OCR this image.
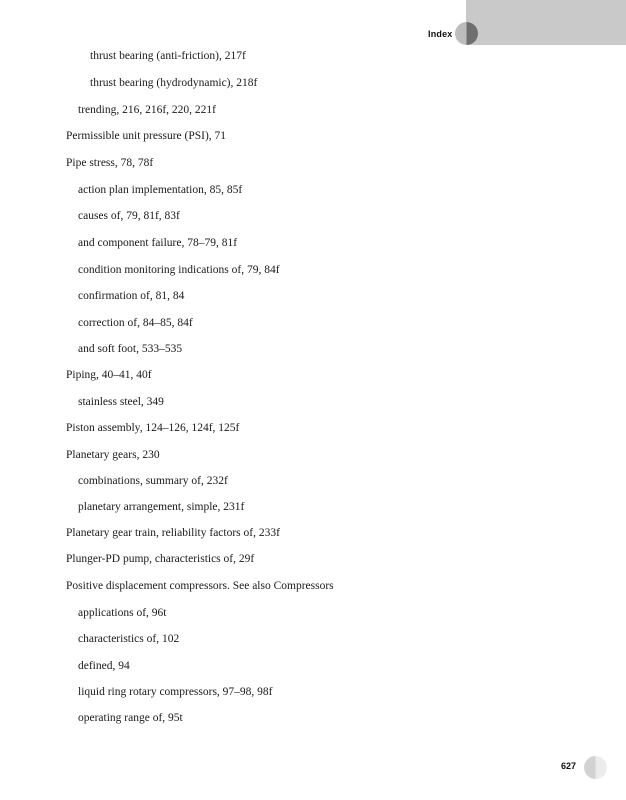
Index
thrust bearing (anti-friction), 217f
thrust bearing (hydrodynamic), 218f
trending, 216, 216f, 220, 221f
Permissible unit pressure (PSI), 71
Pipe stress, 78, 78f
action plan implementation, 85, 85f
causes of, 79, 81f, 83f
and component failure, 78–79, 81f
condition monitoring indications of, 79, 84f
confirmation of, 81, 84
correction of, 84–85, 84f
and soft foot, 533–535
Piping, 40–41, 40f
stainless steel, 349
Piston assembly, 124–126, 124f, 125f
Planetary gears, 230
combinations, summary of, 232f
planetary arrangement, simple, 231f
Planetary gear train, reliability factors of, 233f
Plunger-PD pump, characteristics of, 29f
Positive displacement compressors. See also Compressors
applications of, 96t
characteristics of, 102
defined, 94
liquid ring rotary compressors, 97–98, 98f
operating range of, 95t
627
